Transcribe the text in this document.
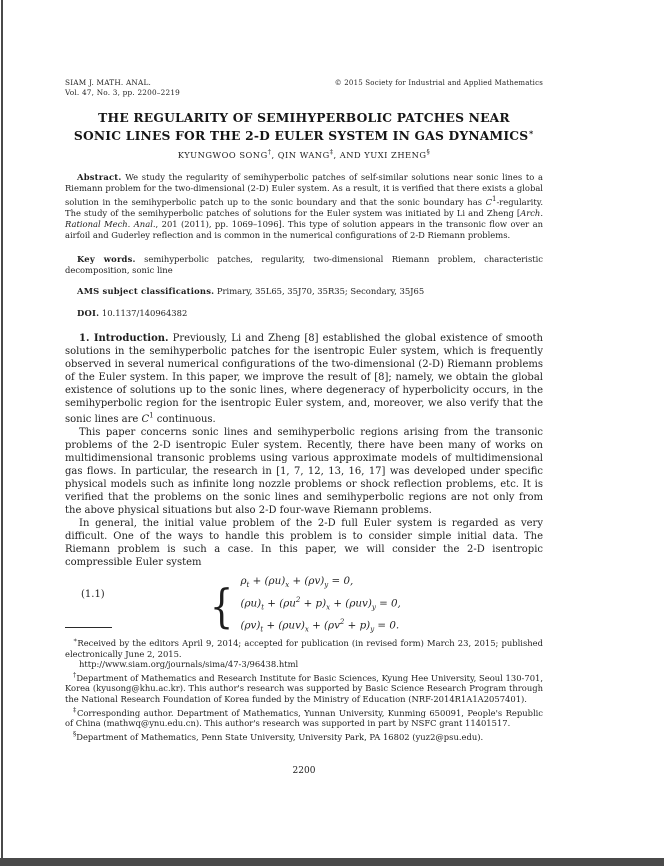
SIAM J. MATH. ANAL.
Vol. 47, No. 3, pp. 2200–2219
© 2015 Society for Industrial and Applied Mathematics
THE REGULARITY OF SEMIHYPERBOLIC PATCHES NEAR
SONIC LINES FOR THE 2-D EULER SYSTEM IN GAS DYNAMICS∗
KYUNGWOO SONG†, QIN WANG‡, AND YUXI ZHENG§

Abstract. We study the regularity of semihyperbolic patches of self-similar solutions near sonic lines to a Riemann problem for the two-dimensional (2-D) Euler system. As a result, it is verified that there exists a global solution in the semihyperbolic patch up to the sonic boundary and that the sonic boundary has $C^1$-regularity. The study of the semihyperbolic patches of solutions for the Euler system was initiated by Li and Zheng [Arch. Rational Mech. Anal., 201 (2011), pp. 1069–1096]. This type of solution appears in the transonic flow over an airfoil and Guderley reflection and is common in the numerical configurations of 2-D Riemann problems.

Key words. semihyperbolic patches, regularity, two-dimensional Riemann problem, characteristic decomposition, sonic line

AMS subject classifications. Primary, 35L65, 35J70, 35R35; Secondary, 35J65

DOI. 10.1137/140964382

1. Introduction. Previously, Li and Zheng [8] established the global existence of smooth solutions in the semihyperbolic patches for the isentropic Euler system, which is frequently observed in several numerical configurations of the two-dimensional (2-D) Riemann problems of the Euler system. In this paper, we improve the result of [8]; namely, we obtain the global existence of solutions up to the sonic lines, where degeneracy of hyperbolicity occurs, in the semihyperbolic region for the isentropic Euler system, and, moreover, we also verify that the sonic lines are $C^1$ continuous.

This paper concerns sonic lines and semihyperbolic regions arising from the transonic problems of the 2-D isentropic Euler system. Recently, there have been many of works on multidimensional transonic problems using various approximate models of multidimensional gas flows. In particular, the research in [1, 7, 12, 13, 16, 17] was developed under specific physical models such as infinite long nozzle problems or shock reflection problems, etc. It is verified that the problems on the sonic lines and semihyperbolic regions are not only from the above physical situations but also 2-D four-wave Riemann problems.

In general, the initial value problem of the 2-D full Euler system is regarded as very difficult. One of the ways to handle this problem is to consider simple initial data. The Riemann problem is such a case. In this paper, we will consider the 2-D isentropic compressible Euler system

(1.1) { $\rho_t + (\rho u)_x + (\rho v)_y = 0$,
$(\rho u)_t + (\rho u^2 + p)_x + (\rho uv)_y = 0$,
$(\rho v)_t + (\rho uv)_x + (\rho v^2 + p)_y = 0$.

∗Received by the editors April 9, 2014; accepted for publication (in revised form) March 23, 2015; published electronically June 2, 2015.

http://www.siam.org/journals/sima/47-3/96438.html

†Department of Mathematics and Research Institute for Basic Sciences, Kyung Hee University, Seoul 130-701, Korea (kyusong@khu.ac.kr). This author's research was supported by Basic Science Research Program through the National Research Foundation of Korea funded by the Ministry of Education (NRF-2014R1A1A2057401).

‡Corresponding author. Department of Mathematics, Yunnan University, Kunming 650091, People's Republic of China (mathwq@ynu.edu.cn). This author's research was supported in part by NSFC grant 11401517.

§Department of Mathematics, Penn State University, University Park, PA 16802 (yuz2@psu.edu).

2200
